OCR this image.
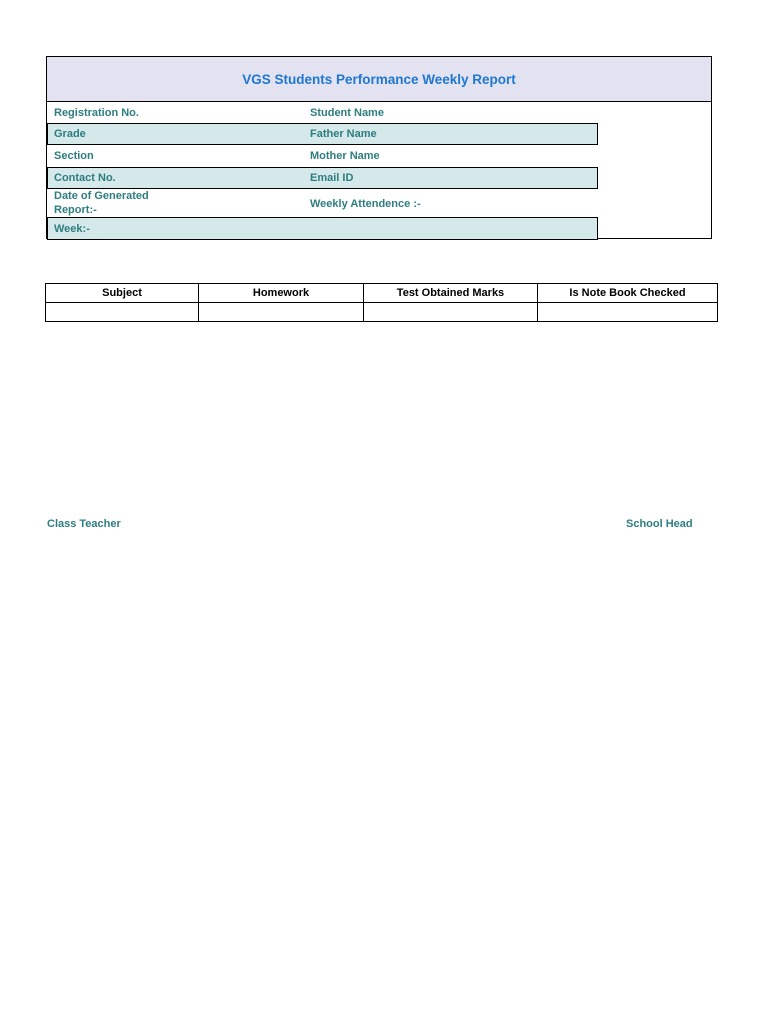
VGS Students Performance Weekly Report
Registration No.	Student Name
Grade	Father Name
Section	Mother Name
Contact No.	Email ID
Date of Generated Report:-	Weekly Attendence :-
Week:-
Subject	Homework	Test Obtained Marks	Is Note Book Checked

Class Teacher	School Head
